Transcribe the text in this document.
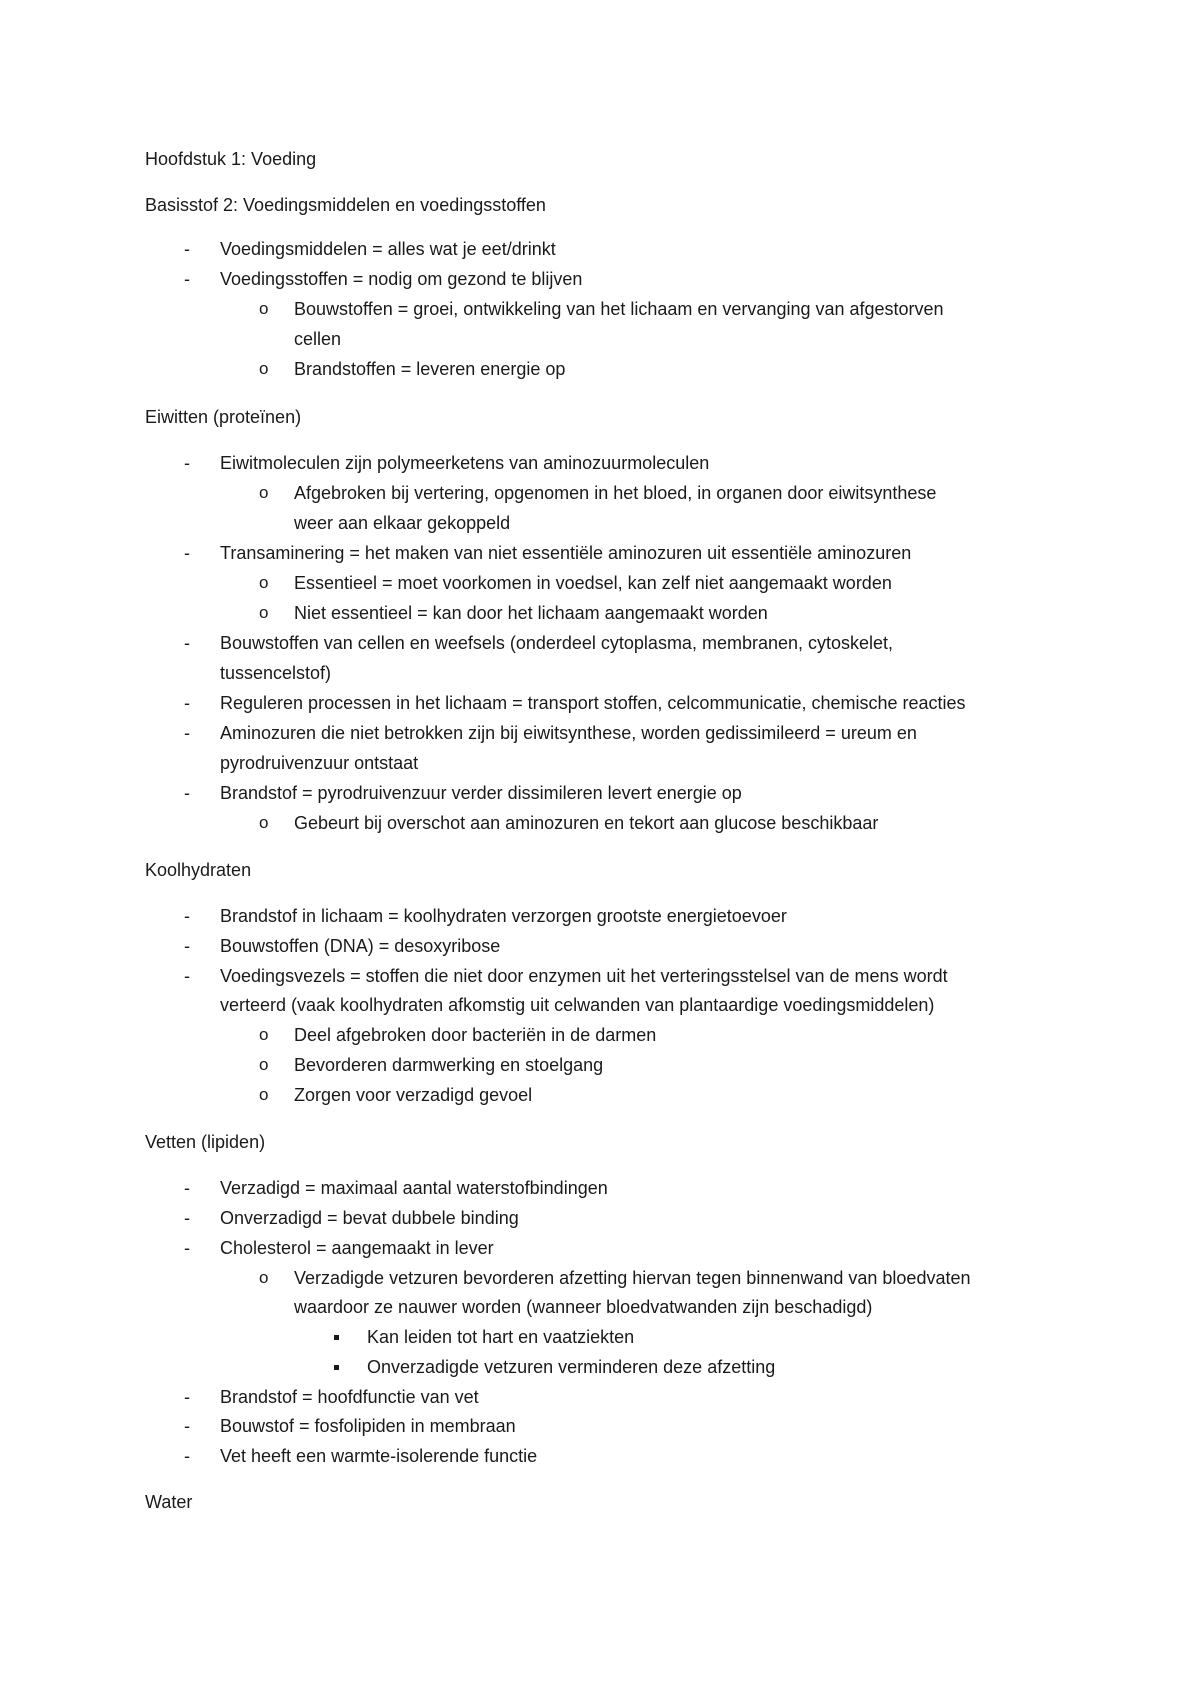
Hoofdstuk 1: Voeding
Basisstof 2: Voedingsmiddelen en voedingsstoffen
- Voedingsmiddelen = alles wat je eet/drinkt
- Voedingsstoffen = nodig om gezond te blijven
o Bouwstoffen = groei, ontwikkeling van het lichaam en vervanging van afgestorven
cellen
o Brandstoffen = leveren energie op
Eiwitten (proteïnen)
- Eiwitmoleculen zijn polymeerketens van aminozuurmoleculen
o Afgebroken bij vertering, opgenomen in het bloed, in organen door eiwitsynthese
weer aan elkaar gekoppeld
- Transaminering = het maken van niet essentiële aminozuren uit essentiële aminozuren
o Essentieel = moet voorkomen in voedsel, kan zelf niet aangemaakt worden
o Niet essentieel = kan door het lichaam aangemaakt worden
- Bouwstoffen van cellen en weefsels (onderdeel cytoplasma, membranen, cytoskelet,
tussencelstof)
- Reguleren processen in het lichaam = transport stoffen, celcommunicatie, chemische reacties
- Aminozuren die niet betrokken zijn bij eiwitsynthese, worden gedissimileerd = ureum en
pyrodruivenzuur ontstaat
- Brandstof = pyrodruivenzuur verder dissimileren levert energie op
o Gebeurt bij overschot aan aminozuren en tekort aan glucose beschikbaar
Koolhydraten
- Brandstof in lichaam = koolhydraten verzorgen grootste energietoevoer
- Bouwstoffen (DNA) = desoxyribose
- Voedingsvezels = stoffen die niet door enzymen uit het verteringsstelsel van de mens wordt
verteerd (vaak koolhydraten afkomstig uit celwanden van plantaardige voedingsmiddelen)
o Deel afgebroken door bacteriën in de darmen
o Bevorderen darmwerking en stoelgang
o Zorgen voor verzadigd gevoel
Vetten (lipiden)
- Verzadigd = maximaal aantal waterstofbindingen
- Onverzadigd = bevat dubbele binding
- Cholesterol = aangemaakt in lever
o Verzadigde vetzuren bevorderen afzetting hiervan tegen binnenwand van bloedvaten
waardoor ze nauwer worden (wanneer bloedvatwanden zijn beschadigd)
Kan leiden tot hart en vaatziekten
Onverzadigde vetzuren verminderen deze afzetting
- Brandstof = hoofdfunctie van vet
- Bouwstof = fosfolipiden in membraan
- Vet heeft een warmte-isolerende functie
Water
